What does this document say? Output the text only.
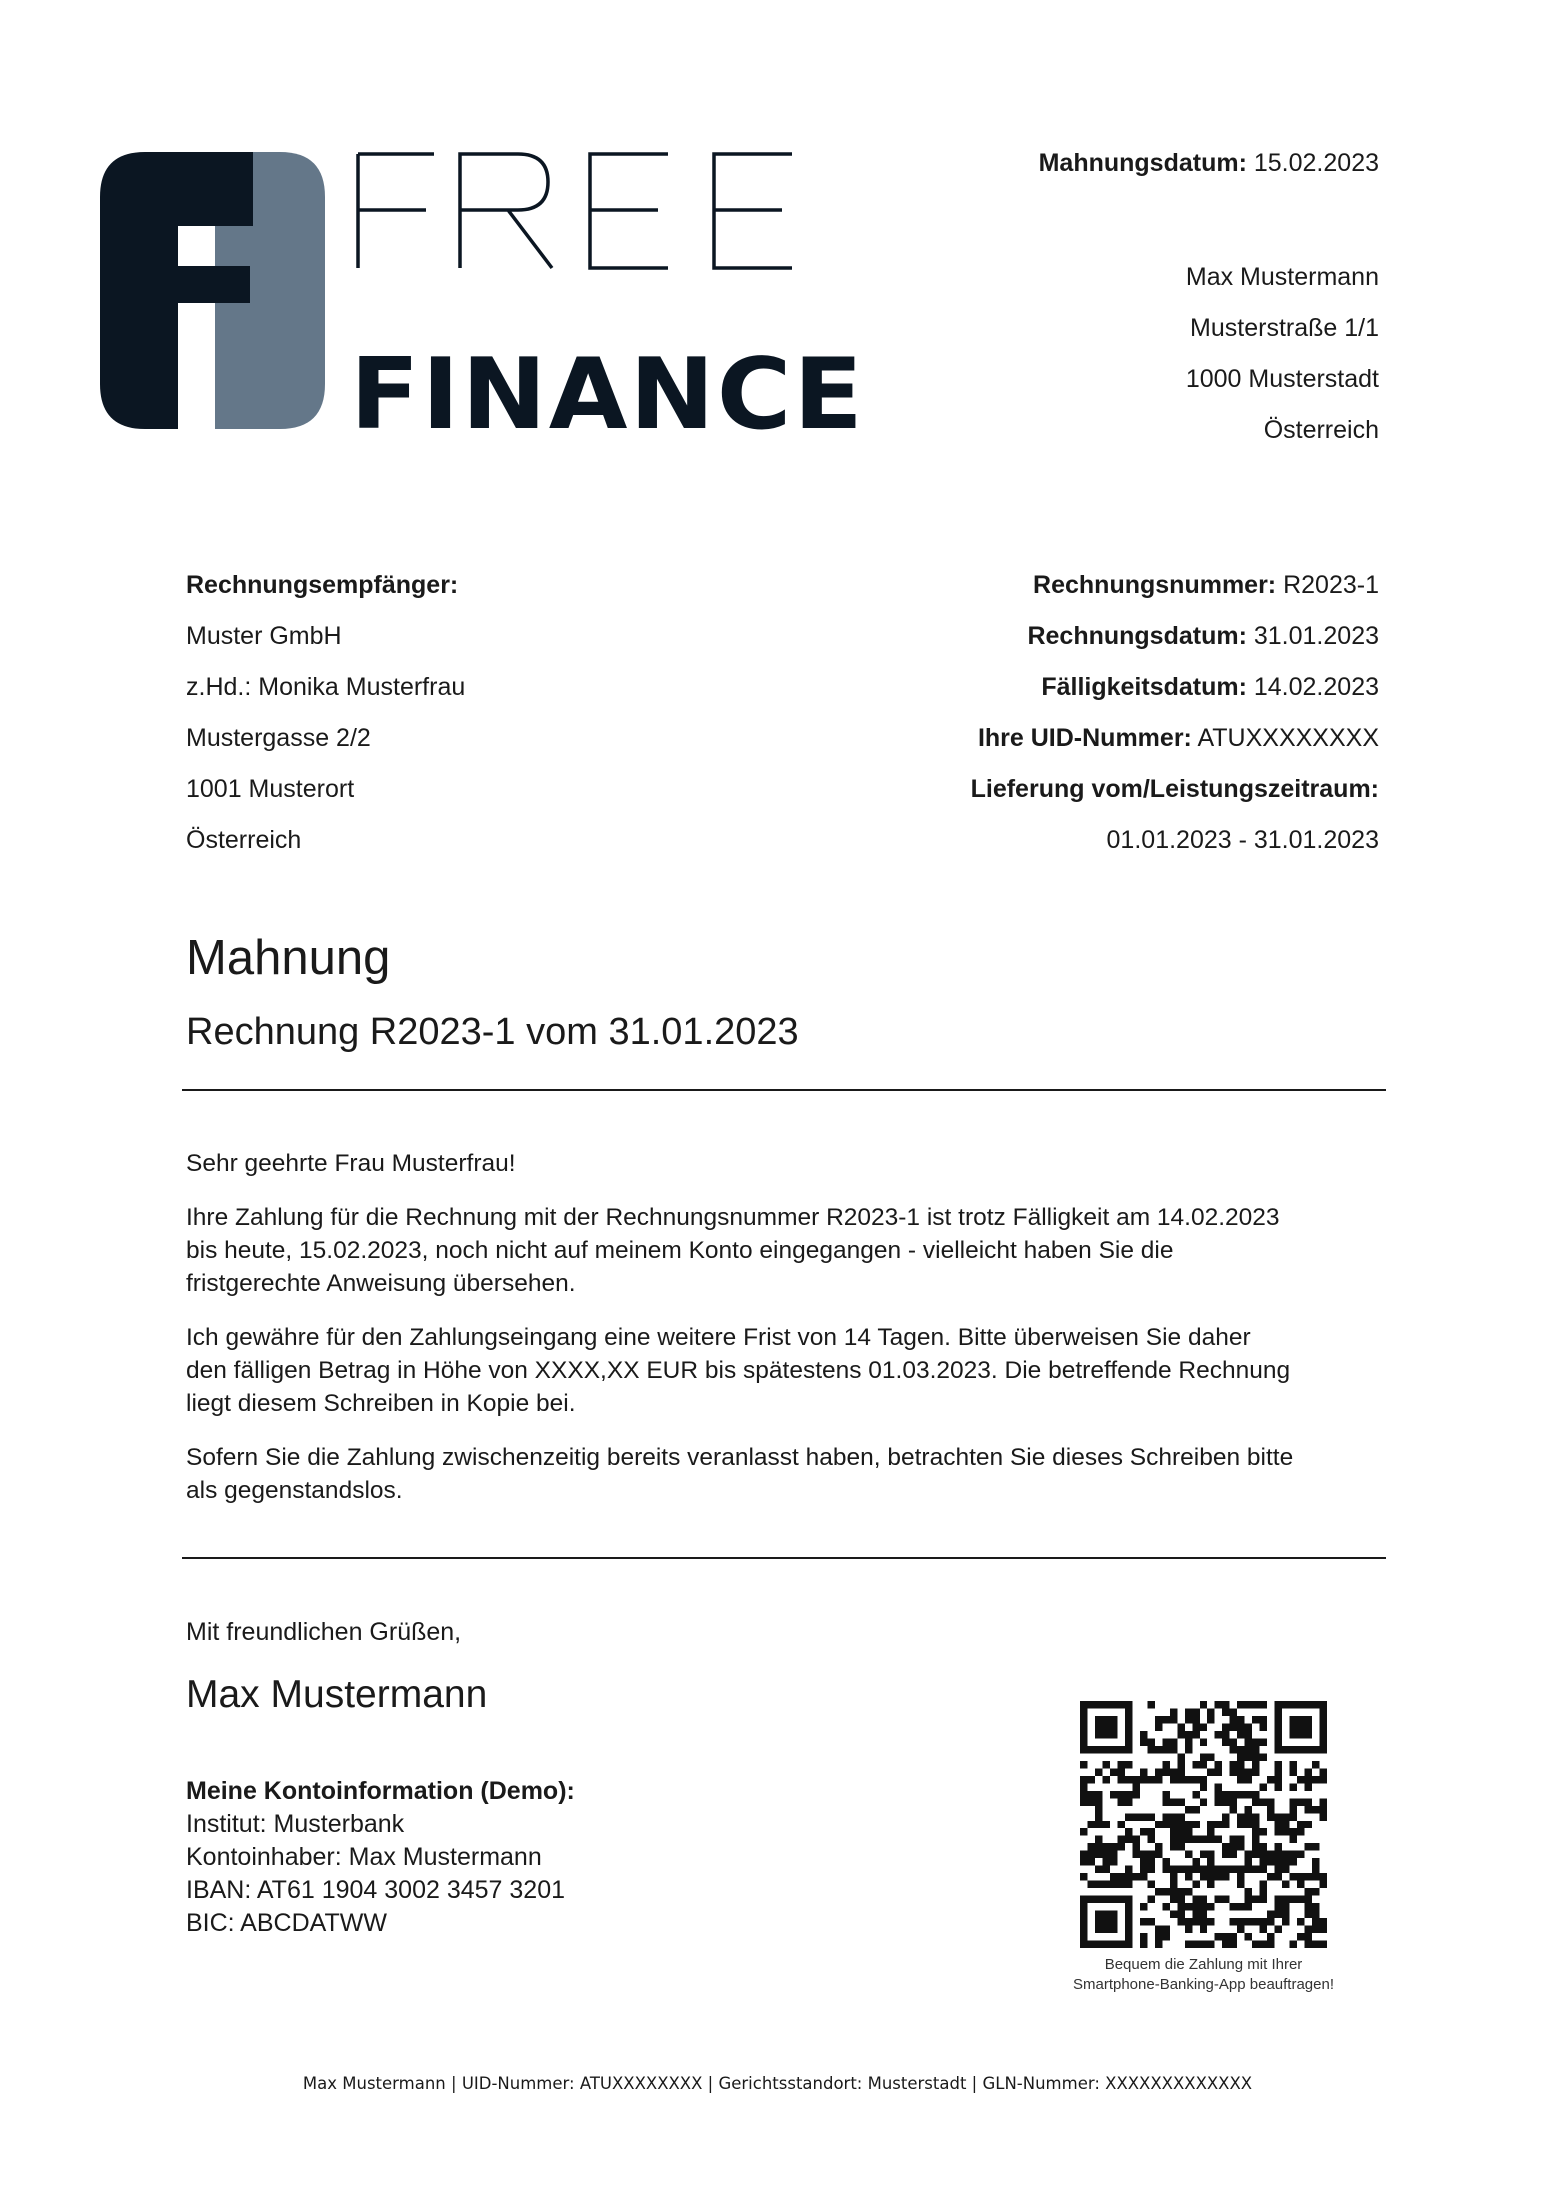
FINANCE
Mahnungsdatum: 15.02.2023
Max Mustermann
Musterstraße 1/1
1000 Musterstadt
Österreich
Rechnungsempfänger:
Muster GmbH
z.Hd.: Monika Musterfrau
Mustergasse 2/2
1001 Musterort
Österreich
Rechnungsnummer: R2023-1
Rechnungsdatum: 31.01.2023
Fälligkeitsdatum: 14.02.2023
Ihre UID-Nummer: ATUXXXXXXXX
Lieferung vom/Leistungszeitraum:
01.01.2023 - 31.01.2023
Mahnung
Rechnung R2023-1 vom 31.01.2023

Sehr geehrte Frau Musterfrau!

Ihre Zahlung für die Rechnung mit der Rechnungsnummer R2023-1 ist trotz Fälligkeit am 14.02.2023
bis heute, 15.02.2023, noch nicht auf meinem Konto eingegangen - vielleicht haben Sie die
fristgerechte Anweisung übersehen.

Ich gewähre für den Zahlungseingang eine weitere Frist von 14 Tagen. Bitte überweisen Sie daher
den fälligen Betrag in Höhe von XXXX,XX EUR bis spätestens 01.03.2023. Die betreffende Rechnung
liegt diesem Schreiben in Kopie bei.

Sofern Sie die Zahlung zwischenzeitig bereits veranlasst haben, betrachten Sie dieses Schreiben bitte
als gegenstandslos.

Mit freundlichen Grüßen,
Max Mustermann
Meine Kontoinformation (Demo):
Institut: Musterbank
Kontoinhaber: Max Mustermann
IBAN: AT61 1904 3002 3457 3201
BIC: ABCDATWW
Bequem die Zahlung mit Ihrer
Smartphone-Banking-App beauftragen!
Max Mustermann | UID-Nummer: ATUXXXXXXXX | Gerichtsstandort: Musterstadt | GLN-Nummer: XXXXXXXXXXXXX
